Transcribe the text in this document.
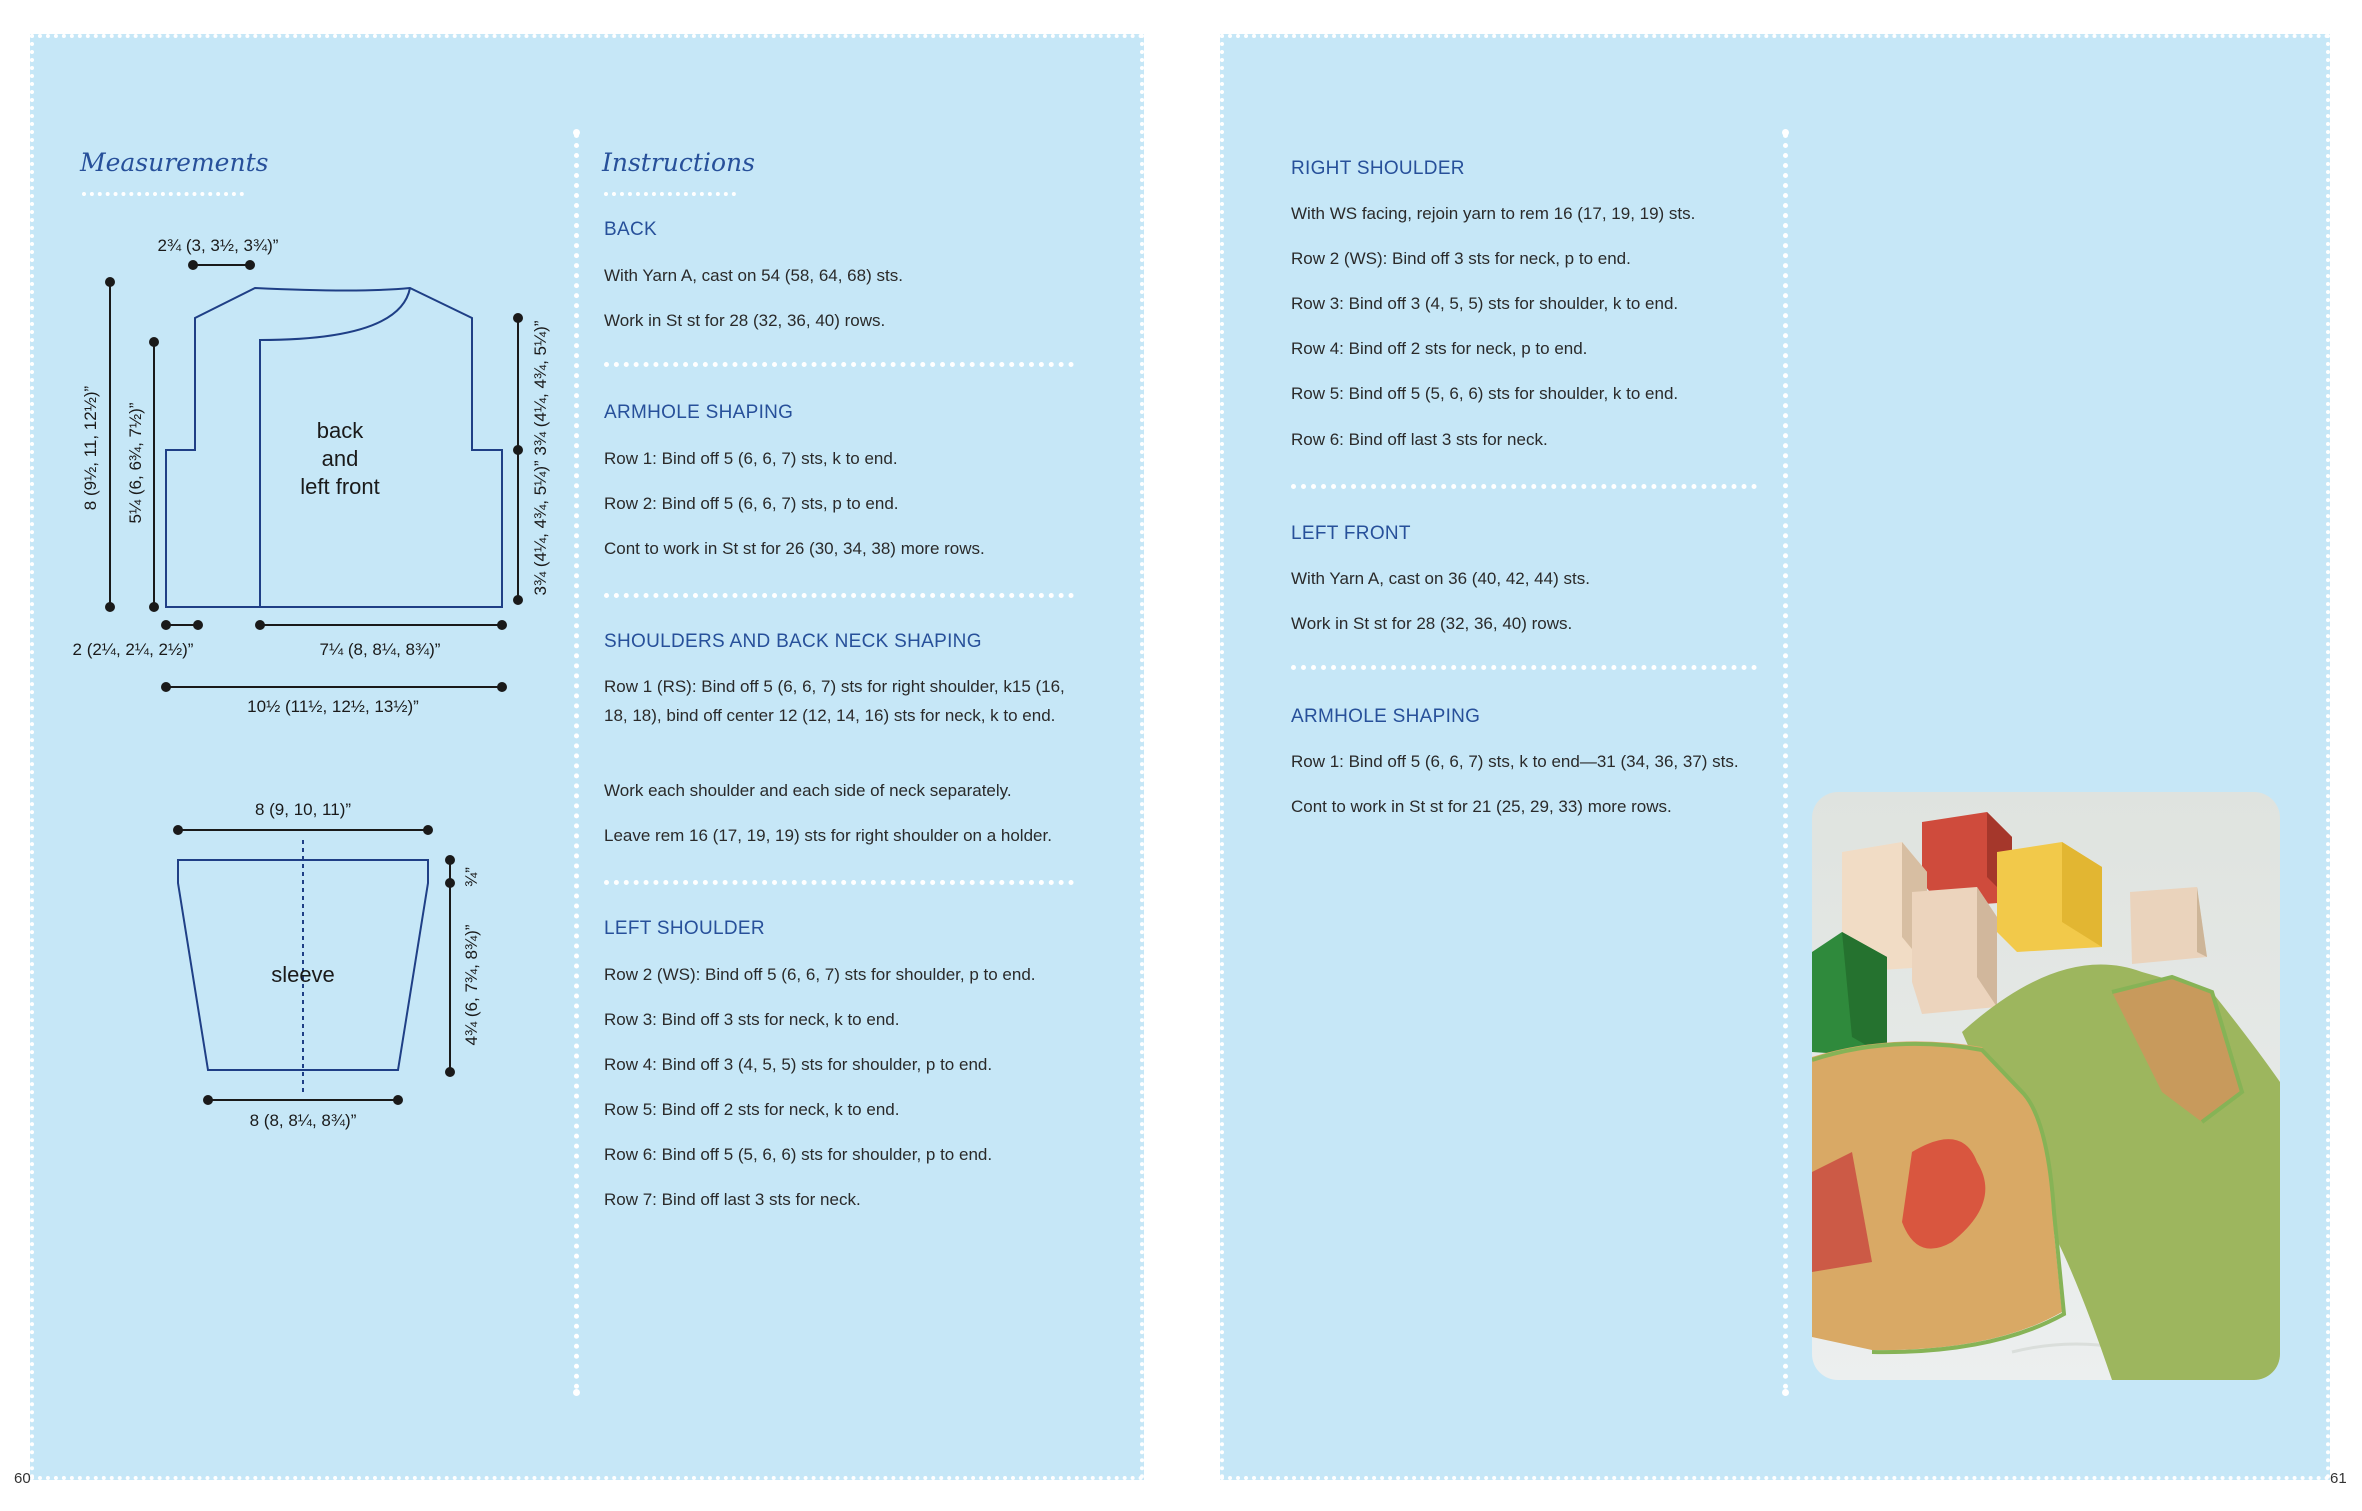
60
Measurements
back
and
left front
2¾ (3, 3½, 3¾)”
2 (2¼, 2¼, 2½)”	7¼ (8, 8¼, 8¾)”
10½ (11½, 12½, 13½)”
8 (9½, 11, 12½)” 5¼ (6, 6¾, 7½)”	3¾ (4¼, 4¾, 5¼)” 3¾ (4¼, 4¾, 5¼)”
sleeve
8 (9, 10, 11)”
8 (8, 8¼, 8¾)”
¾”
4¾ (6, 7¾, 8¾)”
Instructions
BACK
With Yarn A, cast on 54 (58, 64, 68) sts.
Work in St st for 28 (32, 36, 40) rows.
ARMHOLE SHAPING
Row 1: Bind off 5 (6, 6, 7) sts, k to end.
Row 2: Bind off 5 (6, 6, 7) sts, p to end.
Cont to work in St st for 26 (30, 34, 38) more rows.
SHOULDERS AND BACK NECK SHAPING
Row 1 (RS): Bind off 5 (6, 6, 7) sts for right shoulder, k15 (16, 18, 18), bind off center 12 (12, 14, 16) sts for neck, k to end.
Work each shoulder and each side of neck separately.
Leave rem 16 (17, 19, 19) sts for right shoulder on a holder.
LEFT SHOULDER
Row 2 (WS): Bind off 5 (6, 6, 7) sts for shoulder, p to end.
Row 3: Bind off 3 sts for neck, k to end.
Row 4: Bind off 3 (4, 5, 5) sts for shoulder, p to end.
Row 5: Bind off 2 sts for neck, k to end.
Row 6: Bind off 5 (5, 6, 6) sts for shoulder, p to end.
Row 7: Bind off last 3 sts for neck.
61
RIGHT SHOULDER
With WS facing, rejoin yarn to rem 16 (17, 19, 19) sts.
Row 2 (WS): Bind off 3 sts for neck, p to end.
Row 3: Bind off 3 (4, 5, 5) sts for shoulder, k to end.
Row 4: Bind off 2 sts for neck, p to end.
Row 5: Bind off 5 (5, 6, 6) sts for shoulder, k to end.
Row 6: Bind off last 3 sts for neck.
LEFT FRONT
With Yarn A, cast on 36 (40, 42, 44) sts.
Work in St st for 28 (32, 36, 40) rows.
ARMHOLE SHAPING
Row 1: Bind off 5 (6, 6, 7) sts, k to end—31 (34, 36, 37) sts.
Cont to work in St st for 21 (25, 29, 33) more rows.
